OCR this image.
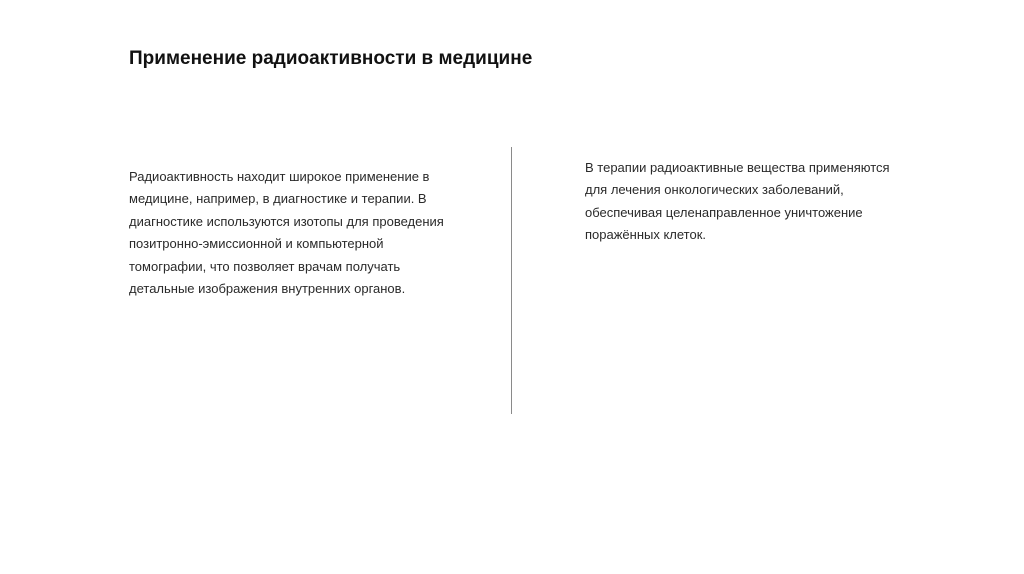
Применение радиоактивности в медицине
Радиоактивность находит широкое применение в
медицине, например, в диагностике и терапии. В
диагностике используются изотопы для проведения
позитронно-эмиссионной и компьютерной
томографии, что позволяет врачам получать
детальные изображения внутренних органов.
В терапии радиоактивные вещества применяются
для лечения онкологических заболеваний,
обеспечивая целенаправленное уничтожение
поражённых клеток.
